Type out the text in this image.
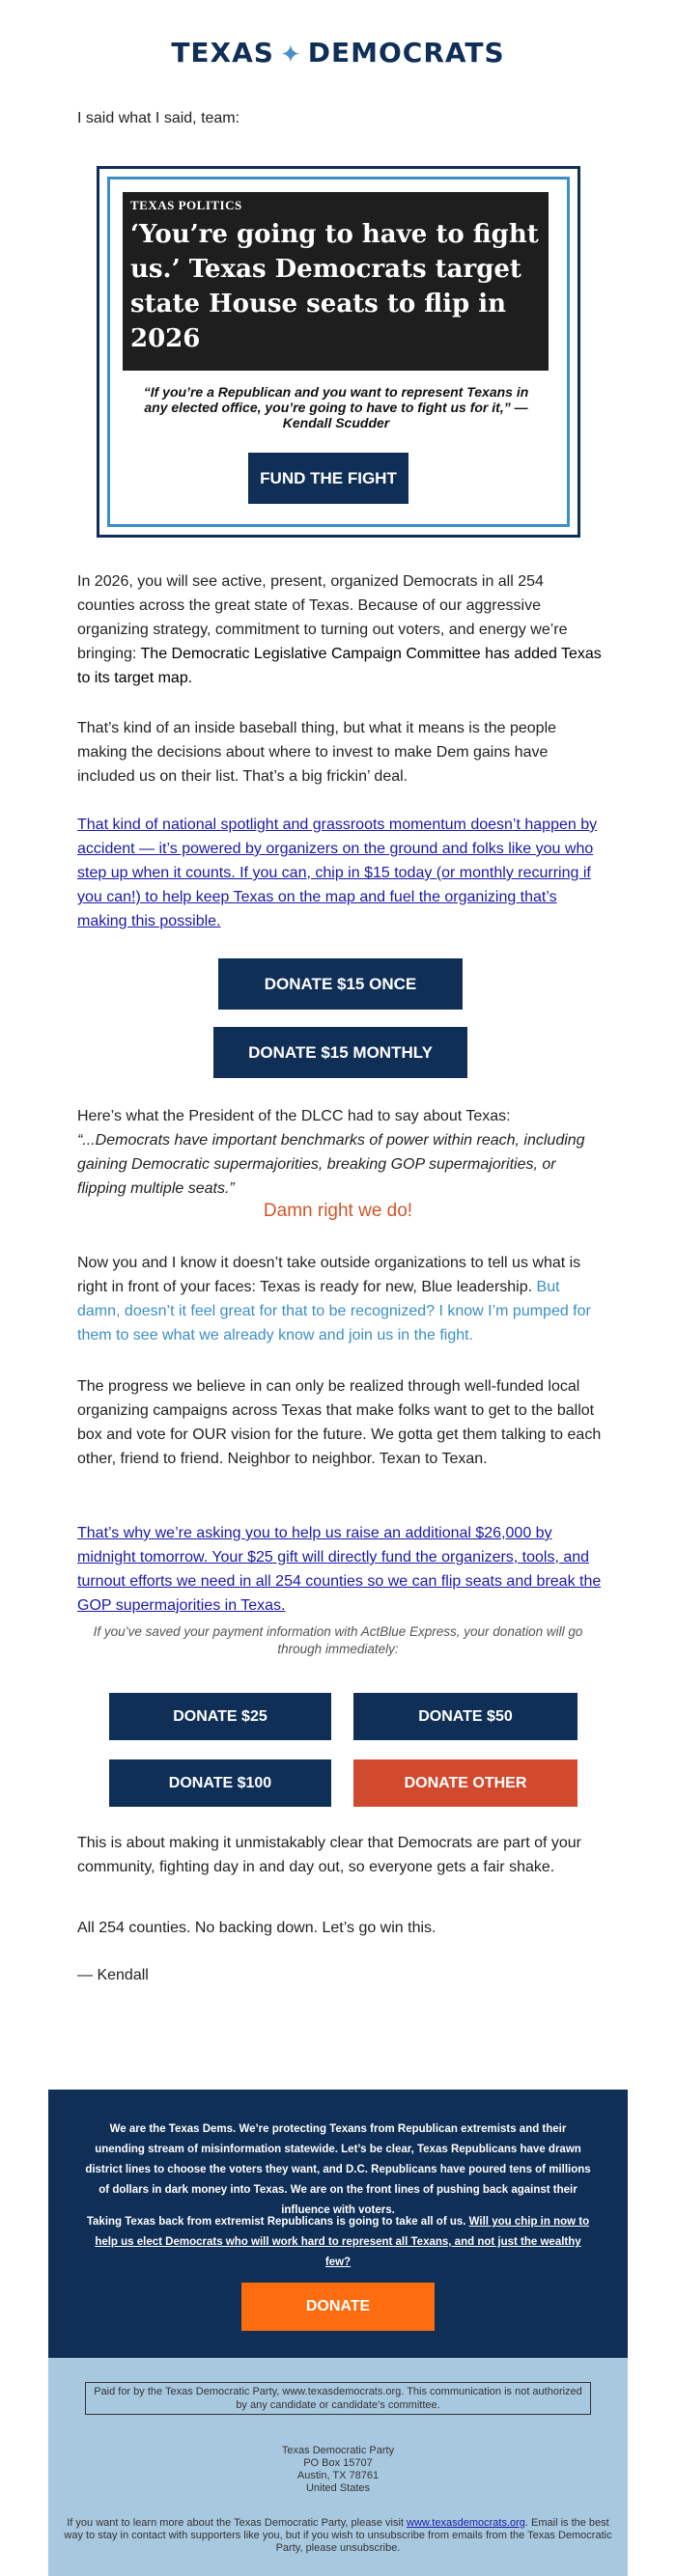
TEXAS ✦ DEMOCRATS
I said what I said, team:
TEXAS POLITICS
‘You’re going to have to fight us.’ Texas Democrats target state House seats to flip in 2026
“If you’re a Republican and you want to represent Texans in any elected office, you’re going to have to fight us for it,” — Kendall Scudder
FUND THE FIGHT
In 2026, you will see active, present, organized Democrats in all 254 counties across the great state of Texas. Because of our aggressive organizing strategy, commitment to turning out voters, and energy we’re bringing: The Democratic Legislative Campaign Committee has added Texas to its target map.
That’s kind of an inside baseball thing, but what it means is the people making the decisions about where to invest to make Dem gains have included us on their list. That’s a big frickin’ deal.
That kind of national spotlight and grassroots momentum doesn’t happen by accident — it’s powered by organizers on the ground and folks like you who step up when it counts. If you can, chip in $15 today (or monthly recurring if you can!) to help keep Texas on the map and fuel the organizing that’s making this possible.
DONATE $15 ONCE
DONATE $15 MONTHLY
Here’s what the President of the DLCC had to say about Texas:
“...Democrats have important benchmarks of power within reach, including gaining Democratic supermajorities, breaking GOP supermajorities, or flipping multiple seats.”
Damn right we do!
Now you and I know it doesn’t take outside organizations to tell us what is right in front of your faces: Texas is ready for new, Blue leadership. But damn, doesn’t it feel great for that to be recognized? I know I’m pumped for them to see what we already know and join us in the fight.
The progress we believe in can only be realized through well-funded local organizing campaigns across Texas that make folks want to get to the ballot box and vote for OUR vision for the future. We gotta get them talking to each other, friend to friend. Neighbor to neighbor. Texan to Texan.
That’s why we’re asking you to help us raise an additional $26,000 by midnight tomorrow. Your $25 gift will directly fund the organizers, tools, and turnout efforts we need in all 254 counties so we can flip seats and break the GOP supermajorities in Texas.
If you’ve saved your payment information with ActBlue Express, your donation will go through immediately:
DONATE $25	DONATE $50
DONATE $100	DONATE OTHER
This is about making it unmistakably clear that Democrats are part of your community, fighting day in and day out, so everyone gets a fair shake.
All 254 counties. No backing down. Let’s go win this.
— Kendall
We are the Texas Dems. We’re protecting Texans from Republican extremists and their unending stream of misinformation statewide. Let’s be clear, Texas Republicans have drawn district lines to choose the voters they want, and D.C. Republicans have poured tens of millions of dollars in dark money into Texas. We are on the front lines of pushing back against their influence with voters.
Taking Texas back from extremist Republicans is going to take all of us. Will you chip in now to help us elect Democrats who will work hard to represent all Texans, and not just the wealthy few?
DONATE
Paid for by the Texas Democratic Party, www.texasdemocrats.org. This communication is not authorized by any candidate or candidate’s committee.
Texas Democratic Party
PO Box 15707
Austin, TX 78761
United States
If you want to learn more about the Texas Democratic Party, please visit www.texasdemocrats.org. Email is the best way to stay in contact with supporters like you, but if you wish to unsubscribe from emails from the Texas Democratic Party, please unsubscribe.
